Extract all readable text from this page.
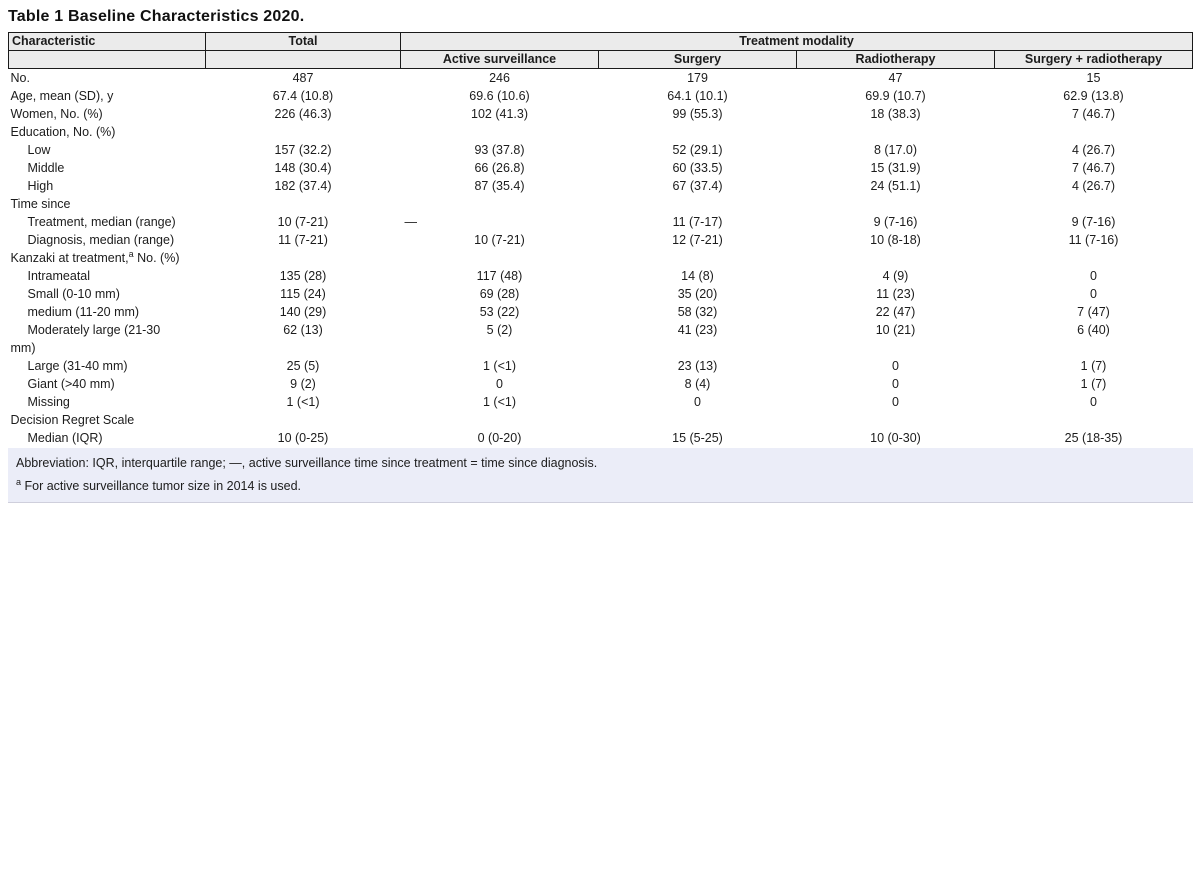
Table 1 Baseline Characteristics 2020.
Characteristic	Total	Treatment modality			
		Active surveillance	Surgery	Radiotherapy	Surgery + radiotherapy

No.	487	246	179	47	15

Age, mean (SD), y	67.4 (10.8)	69.6 (10.6)	64.1 (10.1)	69.9 (10.7)	62.9 (13.8)

Women, No. (%)	226 (46.3)	102 (41.3)	99 (55.3)	18 (38.3)	7 (46.7)

Education, No. (%)					

Low	157 (32.2)	93 (37.8)	52 (29.1)	8 (17.0)	4 (26.7)

Middle	148 (30.4)	66 (26.8)	60 (33.5)	15 (31.9)	7 (46.7)

High	182 (37.4)	87 (35.4)	67 (37.4)	24 (51.1)	4 (26.7)

Time since					

Treatment, median (range)	10 (7-21)	—	11 (7-17)	9 (7-16)	9 (7-16)

Diagnosis, median (range)	11 (7-21)	10 (7-21)	12 (7-21)	10 (8-18)	11 (7-16)

Kanzaki at treatment,$^a$ No. (%)					

Intrameatal	135 (28)	117 (48)	14 (8)	4 (9)	0

Small (0-10 mm)	115 (24)	69 (28)	35 (20)	11 (23)	0

medium (11-20 mm)	140 (29)	53 (22)	58 (32)	22 (47)	7 (47)

Moderately large (21-30
mm)	62 (13)	5 (2)	41 (23)	10 (21)	6 (40)

Large (31-40 mm)	25 (5)	1 (<1)	23 (13)	0	1 (7)

Giant (>40 mm)	9 (2)	0	8 (4)	0	1 (7)

Missing	1 (<1)	1 (<1)	0	0	0

Decision Regret Scale					

Median (IQR)	10 (0-25)	0 (0-20)	15 (5-25)	10 (0-30)	25 (18-35)
Abbreviation: IQR, interquartile range; —, active surveillance time since treatment = time since diagnosis.
$^a$ For active surveillance tumor size in 2014 is used.
